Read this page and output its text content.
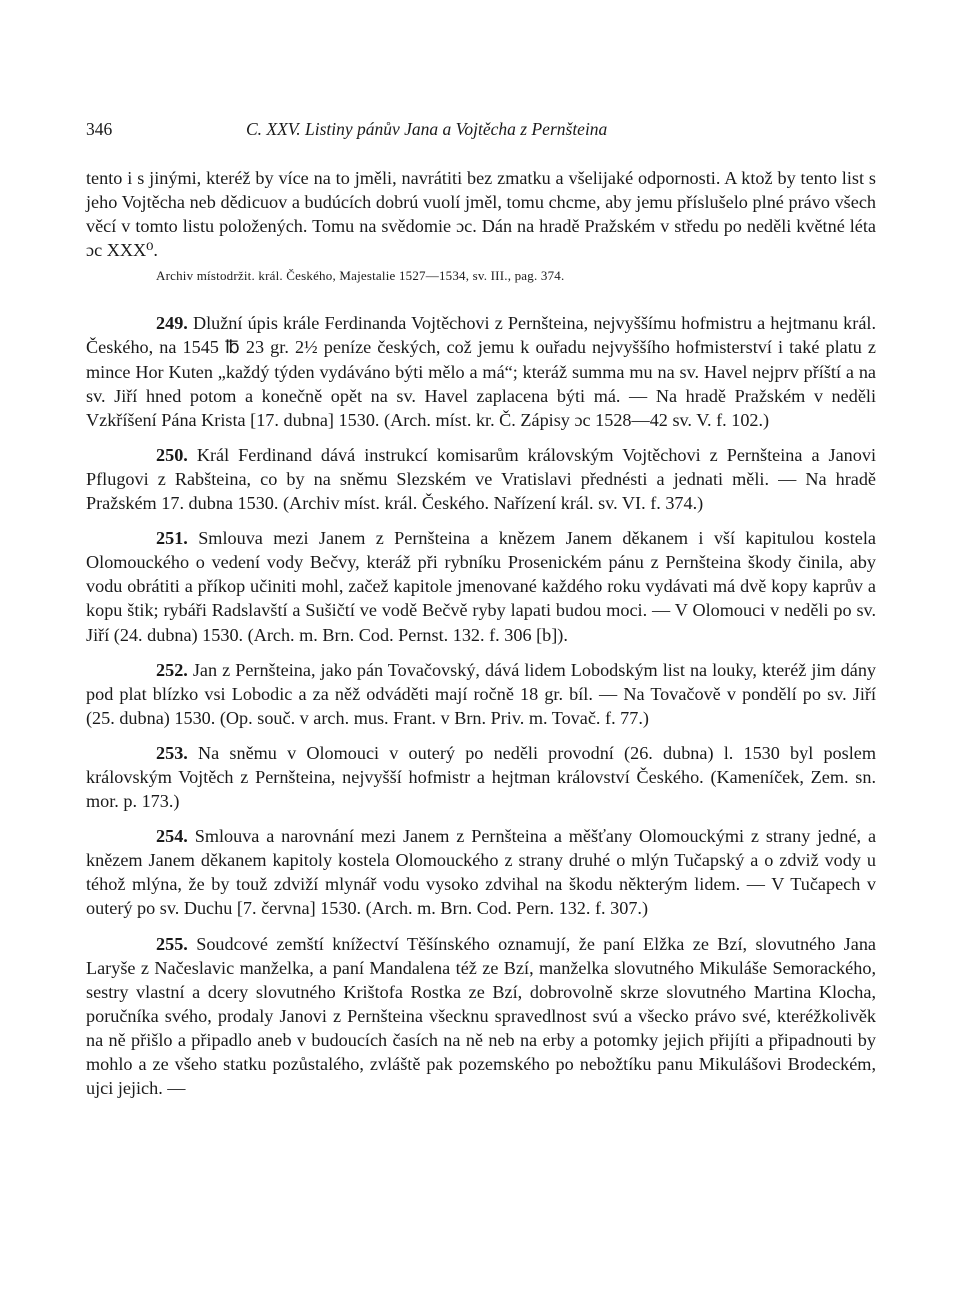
346	C. XXV. Listiny pánův Jana a Vojtěcha z Pernšteina

tento i s jinými, kteréž by více na to jměli, navrátiti bez zmatku a všelijaké odpornosti. A ktož by tento list s jeho Vojtěcha neb dědicuov a budúcích dobrú vuolí jměl, tomu chcme, aby jemu příslušelo plné právo všech věcí v tomto listu položených. Tomu na svědomie ɔc. Dán na hradě Pražském v středu po neděli květné léta ɔc XXX⁰.

Archiv místodržit. král. Českého, Majestalie 1527—1534, sv. III., pag. 374.

249. Dlužní úpis krále Ferdinanda Vojtěchovi z Pernšteina, nejvyššímu hofmistru a hejtmanu král. Českého, na 1545 ℔ 23 gr. 2½ peníze českých, což jemu k ouřadu nejvyššího hofmisterství i také platu z mince Hor Kuten „každý týden vydáváno býti mělo a má“; kteráž summa mu na sv. Havel nejprv příští a na sv. Jiří hned potom a konečně opět na sv. Havel zaplacena býti má. — Na hradě Pražském v neděli Vzkříšení Pána Krista [17. dubna] 1530. (Arch. míst. kr. Č. Zápisy ɔc 1528—42 sv. V. f. 102.)

250. Král Ferdinand dává instrukcí komisarům královským Vojtěchovi z Pernšteina a Janovi Pflugovi z Rabšteina, co by na sněmu Slezském ve Vratislavi přednésti a jednati měli. — Na hradě Pražském 17. dubna 1530. (Archiv míst. král. Českého. Nařízení král. sv. VI. f. 374.)

251. Smlouva mezi Janem z Pernšteina a knězem Janem děkanem i vší kapitulou kostela Olomouckého o vedení vody Bečvy, kteráž při rybníku Prosenickém pánu z Pernšteina škody činila, aby vodu obrátiti a příkop učiniti mohl, začež kapitole jmenované každého roku vydávati má dvě kopy kaprův a kopu štik; rybáři Radslavští a Sušičtí ve vodě Bečvě ryby lapati budou moci. — V Olomouci v neděli po sv. Jiří (24. dubna) 1530. (Arch. m. Brn. Cod. Pernst. 132. f. 306 [b]).

252. Jan z Pernšteina, jako pán Tovačovský, dává lidem Lobodským list na louky, kteréž jim dány pod plat blízko vsi Lobodic a za něž odváděti mají ročně 18 gr. bíl. — Na Tovačově v pondělí po sv. Jiří (25. dubna) 1530. (Op. souč. v arch. mus. Frant. v Brn. Priv. m. Tovač. f. 77.)

253. Na sněmu v Olomouci v outerý po neděli provodní (26. dubna) l. 1530 byl poslem královským Vojtěch z Pernšteina, nejvyšší hofmistr a hejtman království Českého. (Kameníček, Zem. sn. mor. p. 173.)

254. Smlouva a narovnání mezi Janem z Pernšteina a měšťany Olomouckými z strany jedné, a knězem Janem děkanem kapitoly kostela Olomouckého z strany druhé o mlýn Tučapský a o zdviž vody u téhož mlýna, že by touž zdviží mlynář vodu vysoko zdvihal na škodu některým lidem. — V Tučapech v outerý po sv. Duchu [7. června] 1530. (Arch. m. Brn. Cod. Pern. 132. f. 307.)

255. Soudcové zemští knížectví Těšínského oznamují, že paní Elžka ze Bzí, slovutného Jana Laryše z Načeslavic manželka, a paní Mandalena též ze Bzí, manželka slovutného Mikuláše Semorackého, sestry vlastní a dcery slovutného Krištofa Rostka ze Bzí, dobrovolně skrze slovutného Martina Klocha, poručníka svého, prodaly Janovi z Pernšteina všecknu spravedlnost svú a všecko právo své, kteréžkolivěk na ně přišlo a připadlo aneb v budoucích časích na ně neb na erby a potomky jejich přijíti a připadnouti by mohlo a ze všeho statku pozůstalého, zvláště pak pozemského po nebožtíku panu Mikulášovi Brodeckém, ujci jejich. —
